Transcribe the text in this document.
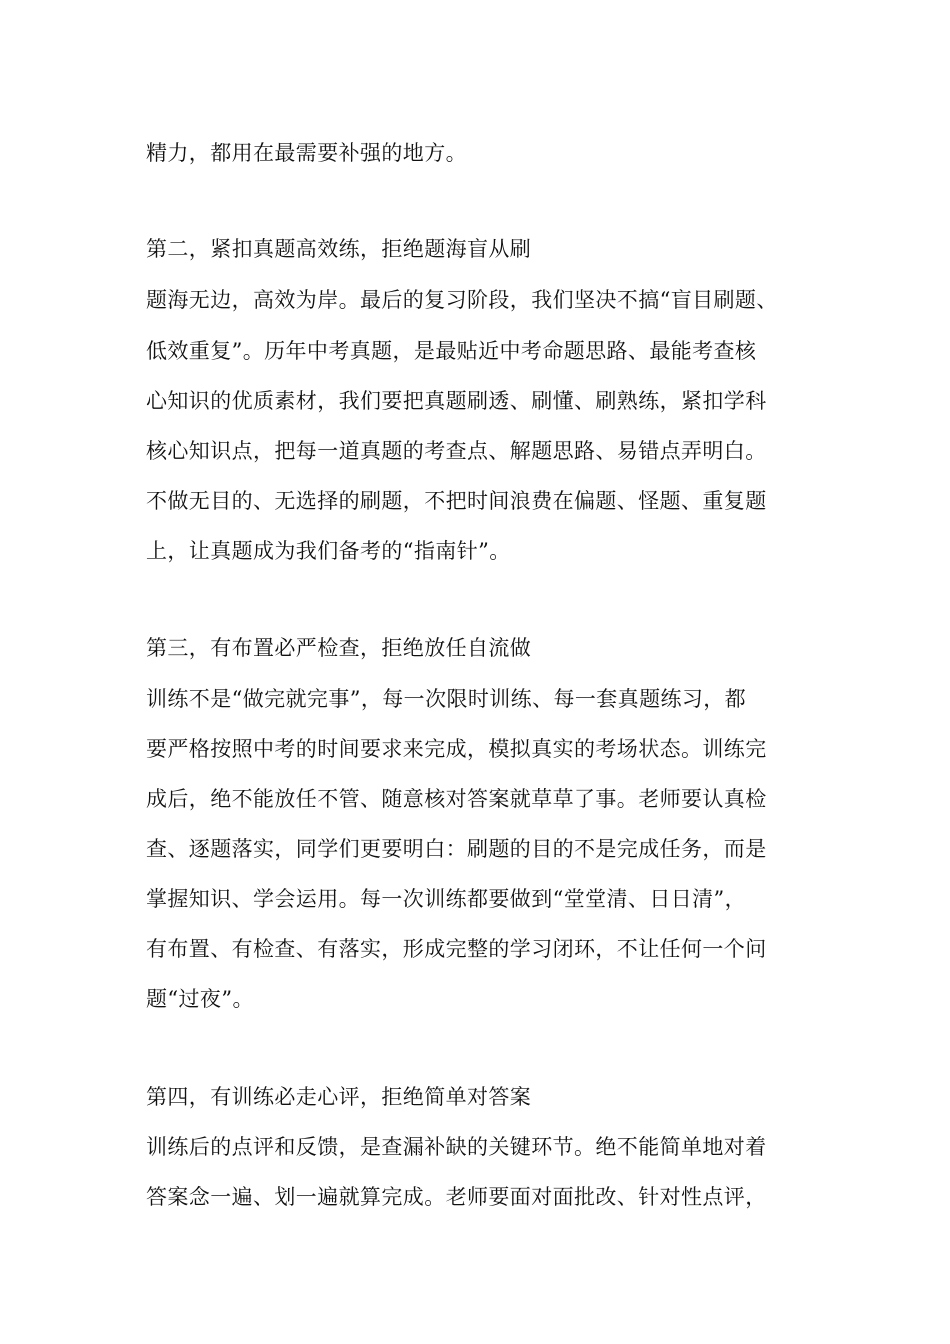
精力，都用在最需要补强的地方。
第二，紧扣真题高效练，拒绝题海盲从刷
题海无边，高效为岸。最后的复习阶段，我们坚决不搞“盲目刷题、
低效重复”。历年中考真题，是最贴近中考命题思路、最能考查核
心知识的优质素材，我们要把真题刷透、刷懂、刷熟练，紧扣学科
核心知识点，把每一道真题的考查点、解题思路、易错点弄明白。
不做无目的、无选择的刷题，不把时间浪费在偏题、怪题、重复题
上，让真题成为我们备考的“指南针”。
第三，有布置必严检查，拒绝放任自流做
训练不是“做完就完事”，每一次限时训练、每一套真题练习，都
要严格按照中考的时间要求来完成，模拟真实的考场状态。训练完
成后，绝不能放任不管、随意核对答案就草草了事。老师要认真检
查、逐题落实，同学们更要明白：刷题的目的不是完成任务，而是
掌握知识、学会运用。每一次训练都要做到“堂堂清、日日清”，
有布置、有检查、有落实，形成完整的学习闭环，不让任何一个问
题“过夜”。
第四，有训练必走心评，拒绝简单对答案
训练后的点评和反馈，是查漏补缺的关键环节。绝不能简单地对着
答案念一遍、划一遍就算完成。老师要面对面批改、针对性点评，
